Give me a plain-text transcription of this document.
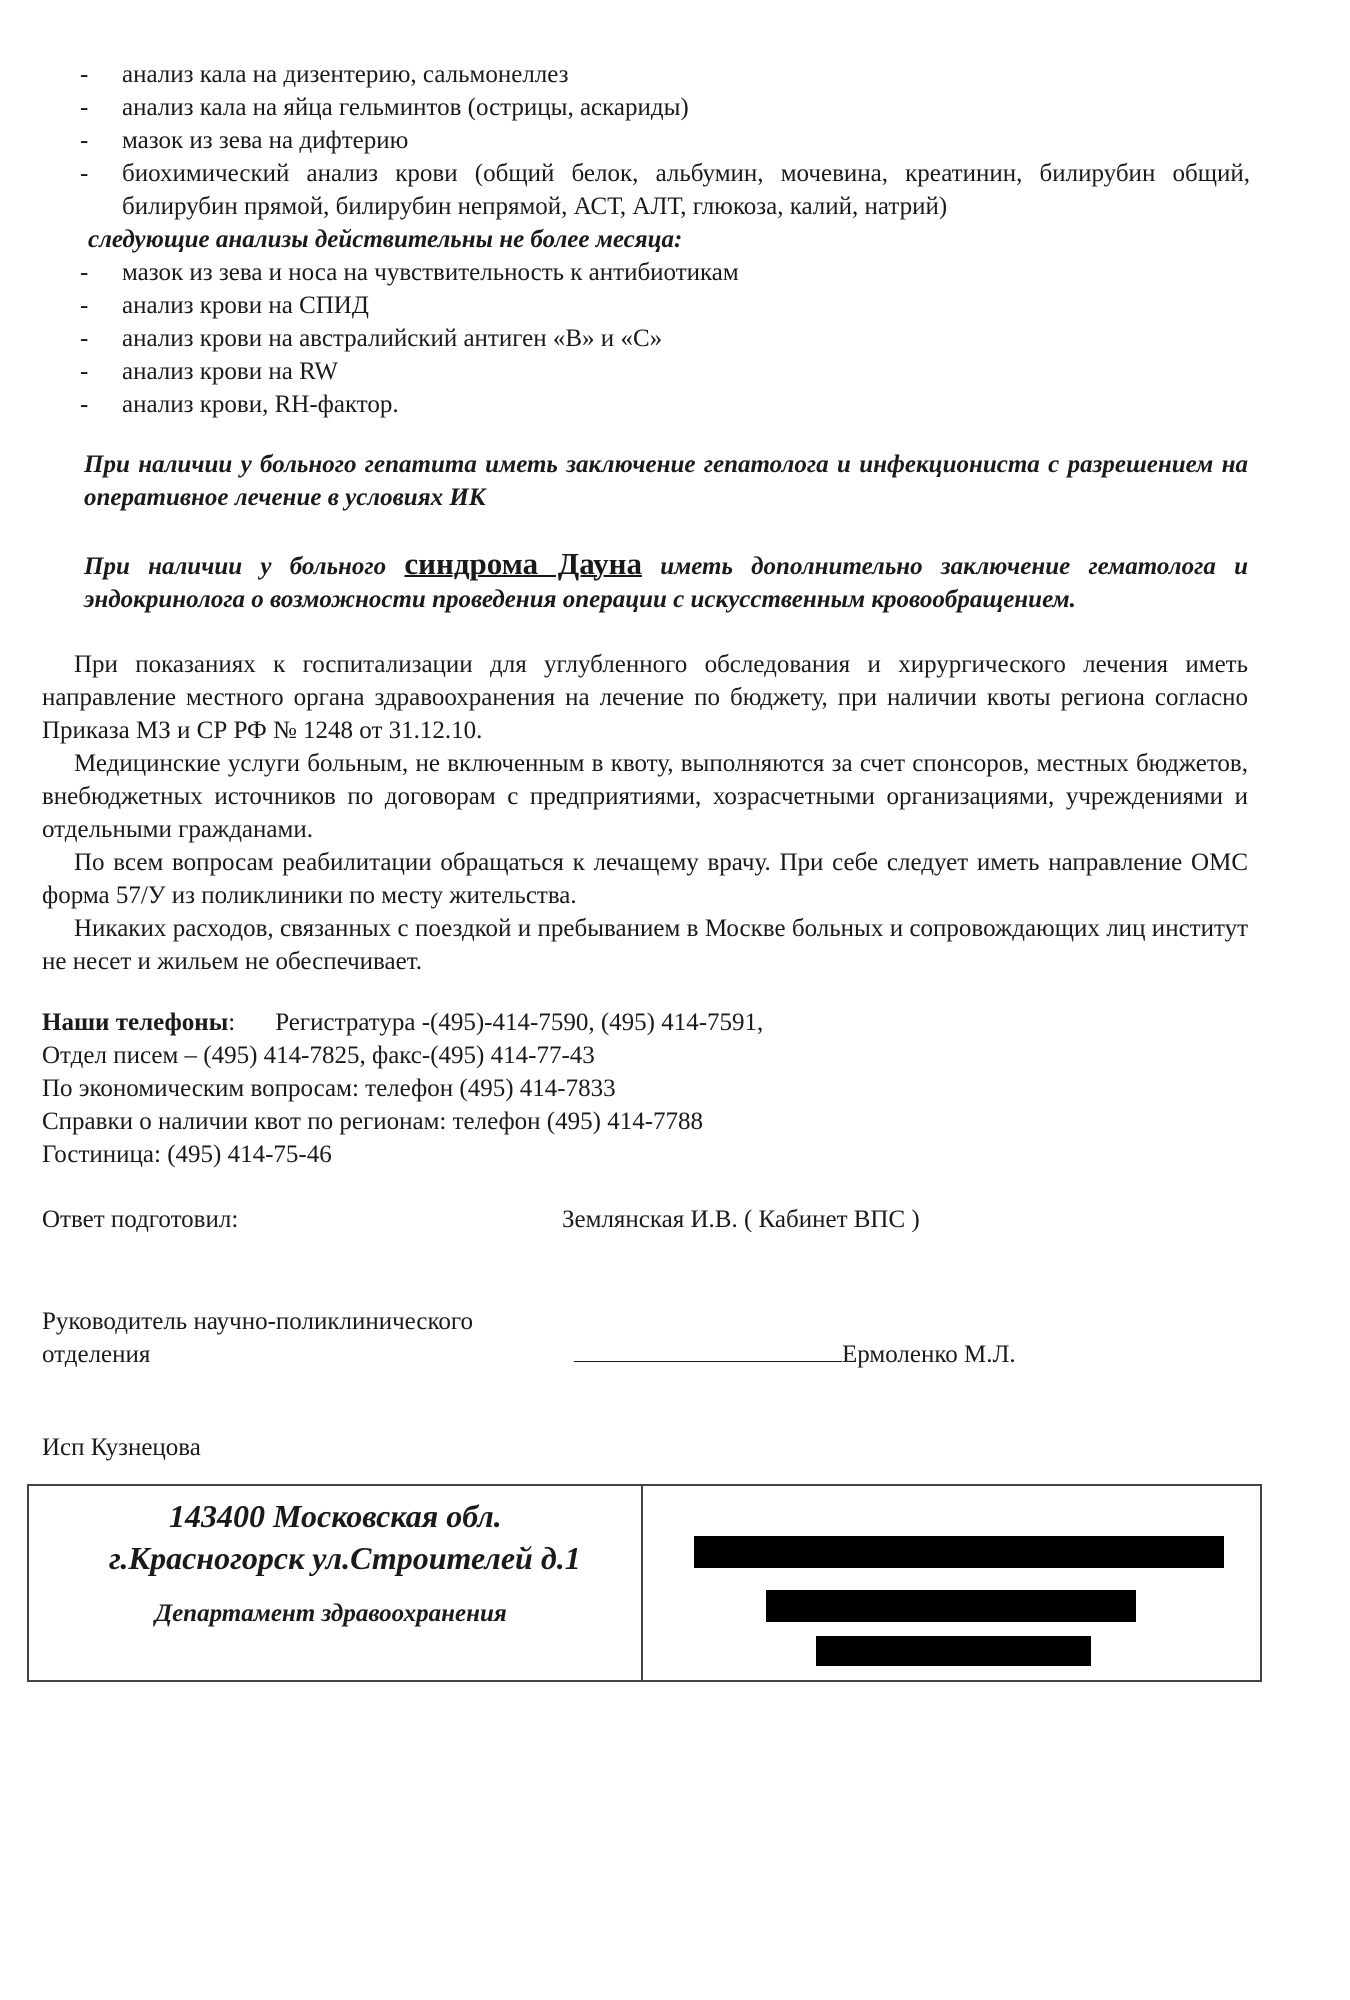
- анализ кала на дизентерию, сальмонеллез
- анализ кала на яйца гельминтов (острицы, аскариды)
- мазок из зева на дифтерию
- биохимический анализ крови (общий белок, альбумин, мочевина, креатинин, билирубин общий, билирубин прямой, билирубин непрямой, АСТ, АЛТ, глюкоза, калий, натрий)
следующие анализы действительны не более месяца:
- мазок из зева и носа на чувствительность к антибиотикам
- анализ крови на СПИД
- анализ крови на австралийский антиген «В» и «С»
- анализ крови на RW
- анализ крови, RH-фактор.
При наличии у больного гепатита иметь заключение гепатолога и инфекциониста с разрешением на оперативное лечение в условиях ИК
При наличии у больного синдрома Дауна иметь дополнительно заключение гематолога и эндокринолога о возможности проведения операции с искусственным кровообращением.
При показаниях к госпитализации для углубленного обследования и хирургического лечения иметь направление местного органа здравоохранения на лечение по бюджету, при наличии квоты региона согласно Приказа МЗ и СР РФ № 1248 от 31.12.10.
Медицинские услуги больным, не включенным в квоту, выполняются за счет спонсоров, местных бюджетов, внебюджетных источников по договорам с предприятиями, хозрасчетными организациями, учреждениями и отдельными гражданами.
По всем вопросам реабилитации обращаться к лечащему врачу. При себе следует иметь направление ОМС форма 57/У из поликлиники по месту жительства.
Никаких расходов, связанных с поездкой и пребыванием в Москве больных и сопровождающих лиц институт не несет и жильем не обеспечивает.
Наши телефоны: Регистратура -(495)-414-7590, (495) 414-7591,
Отдел писем – (495) 414-7825, факс-(495) 414-77-43
По экономическим вопросам: телефон (495) 414-7833
Справки о наличии квот по регионам: телефон (495) 414-7788
Гостиница: (495) 414-75-46
Ответ подготовил:	Землянская И.В. ( Кабинет ВПС )
Руководитель научно-поликлинического
отделения	Ермоленко М.Л.
Исп Кузнецова
143400 Московская обл.
г.Красногорск ул.Строителей д.1
Департамент здравоохранения
